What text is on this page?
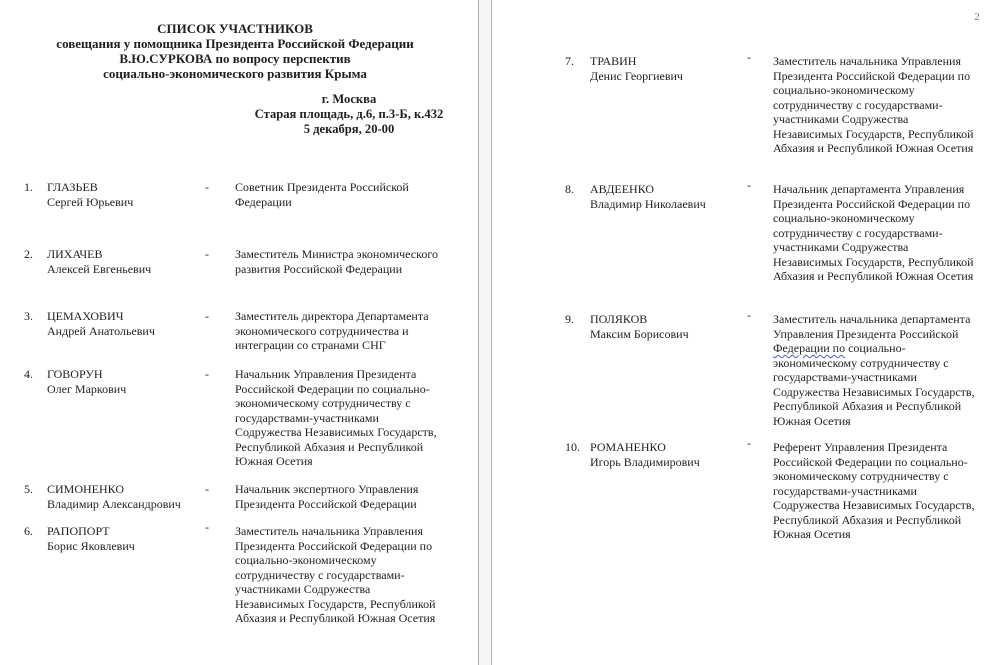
2
СПИСОК УЧАСТНИКОВ
совещания у помощника Президента Российской Федерации
В.Ю.СУРКОВА по вопросу перспектив
социально-экономического развития Крыма
г. Москва
Старая площадь, д.6, п.3-Б, к.432
5 декабря, 20-00
1.	ГЛАЗЬЕВ
Сергей Юрьевич
-	Советник Президента Российской Федерации
2.	ЛИХАЧЕВ
Алексей Евгеньевич
-	Заместитель Министра экономического развития Российской Федерации
3.	ЦЕМАХОВИЧ
Андрей Анатольевич
-	Заместитель директора Департамента экономического сотрудничества и интеграции со странами СНГ
4.	ГОВОРУН
Олег Маркович
-	Начальник Управления Президента Российской Федерации по социально-экономическому сотрудничеству с государствами-участниками Содружества Независимых Государств, Республикой Абхазия и Республикой Южная Осетия
5.	СИМОНЕНКО
Владимир Александрович
-	Начальник экспертного Управления Президента Российской Федерации
6.	РАПОПОРТ
Борис Яковлевич
-	Заместитель начальника Управления Президента Российской Федерации по социально-экономическому сотрудничеству с государствами-участниками Содружества Независимых Государств, Республикой Абхазия и Республикой Южная Осетия
7.	ТРАВИН
Денис Георгиевич
-	Заместитель начальника Управления Президента Российской Федерации по социально-экономическому сотрудничеству с государствами-участниками Содружества Независимых Государств, Республикой Абхазия и Республикой Южная Осетия
8.	АВДЕЕНКО
Владимир Николаевич
-	Начальник департамента Управления Президента Российской Федерации по социально-экономическому сотрудничеству с государствами-участниками Содружества Независимых Государств, Республикой Абхазия и Республикой Южная Осетия
9.	ПОЛЯКОВ
Максим Борисович
-	Заместитель начальника департамента Управления Президента Российской Федерации по социально-экономическому сотрудничеству с государствами-участниками Содружества Независимых Государств, Республикой Абхазия и Республикой Южная Осетия
10. РОМАНЕНКО
Игорь Владимирович
-	Референт Управления Президента Российской Федерации по социально-экономическому сотрудничеству с государствами-участниками Содружества Независимых Государств, Республикой Абхазия и Республикой Южная Осетия
